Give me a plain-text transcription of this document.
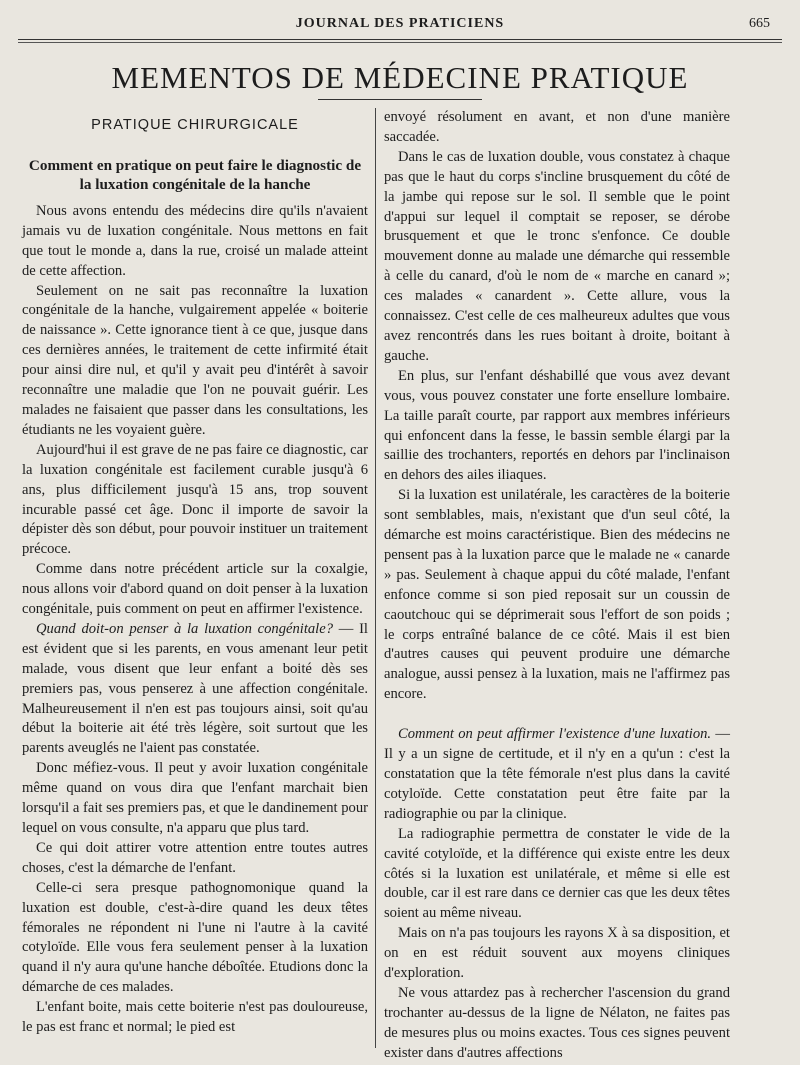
JOURNAL DES PRATICIENS	665
MEMENTOS DE MÉDECINE PRATIQUE
PRATIQUE CHIRURGICALE
Comment en pratique on peut faire le diagnostic de la luxation congénitale de la hanche

Nous avons entendu des médecins dire qu'ils n'avaient jamais vu de luxation congénitale. Nous mettons en fait que tout le monde a, dans la rue, croisé un malade atteint de cette affection.

Seulement on ne sait pas reconnaître la luxation congénitale de la hanche, vulgairement appelée « boiterie de naissance ». Cette ignorance tient à ce que, jusque dans ces dernières années, le traitement de cette infirmité était pour ainsi dire nul, et qu'il y avait peu d'intérêt à savoir reconnaître une maladie que l'on ne pouvait guérir. Les malades ne faisaient que passer dans les consultations, les étudiants ne les voyaient guère.

Aujourd'hui il est grave de ne pas faire ce diagnostic, car la luxation congénitale est facilement curable jusqu'à 6 ans, plus difficilement jusqu'à 15 ans, trop souvent incurable passé cet âge. Donc il importe de savoir la dépister dès son début, pour pouvoir instituer un traitement précoce.

Comme dans notre précédent article sur la coxalgie, nous allons voir d'abord quand on doit penser à la luxation congénitale, puis comment on peut en affirmer l'existence.

Quand doit-on penser à la luxation congénitale? — Il est évident que si les parents, en vous amenant leur petit malade, vous disent que leur enfant a boité dès ses premiers pas, vous penserez à une affection congénitale. Malheureusement il n'en est pas toujours ainsi, soit qu'au début la boiterie ait été très légère, soit surtout que les parents aveuglés ne l'aient pas constatée.

Donc méfiez-vous. Il peut y avoir luxation congénitale même quand on vous dira que l'enfant marchait bien lorsqu'il a fait ses premiers pas, et que le dandinement pour lequel on vous consulte, n'a apparu que plus tard.

Ce qui doit attirer votre attention entre toutes autres choses, c'est la démarche de l'enfant.

Celle-ci sera presque pathognomonique quand la luxation est double, c'est-à-dire quand les deux têtes fémorales ne répondent ni l'une ni l'autre à la cavité cotyloïde. Elle vous fera seulement penser à la luxation quand il n'y aura qu'une hanche déboîtée. Etudions donc la démarche de ces malades.

L'enfant boite, mais cette boiterie n'est pas douloureuse, le pas est franc et normal; le pied est

envoyé résolument en avant, et non d'une manière saccadée.

Dans le cas de luxation double, vous constatez à chaque pas que le haut du corps s'incline brusquement du côté de la jambe qui repose sur le sol. Il semble que le point d'appui sur lequel il comptait se reposer, se dérobe brusquement et que le tronc s'enfonce. Ce double mouvement donne au malade une démarche qui ressemble à celle du canard, d'où le nom de « marche en canard »; ces malades « canardent ». Cette allure, vous la connaissez. C'est celle de ces malheureux adultes que vous avez rencontrés dans les rues boitant à droite, boitant à gauche.

En plus, sur l'enfant déshabillé que vous avez devant vous, vous pouvez constater une forte ensellure lombaire. La taille paraît courte, par rapport aux membres inférieurs qui enfoncent dans la fesse, le bassin semble élargi par la saillie des trochanters, reportés en dehors par l'inclinaison en dehors des ailes iliaques.

Si la luxation est unilatérale, les caractères de la boiterie sont semblables, mais, n'existant que d'un seul côté, la démarche est moins caractéristique. Bien des médecins ne pensent pas à la luxation parce que le malade ne « canarde » pas. Seulement à chaque appui du côté malade, l'enfant enfonce comme si son pied reposait sur un coussin de caoutchouc qui se déprimerait sous l'effort de son poids ; le corps entraîné balance de ce côté. Mais il est bien d'autres causes qui peuvent produire une démarche analogue, aussi pensez à la luxation, mais ne l'affirmez pas encore.

Comment on peut affirmer l'existence d'une luxation. — Il y a un signe de certitude, et il n'y en a qu'un : c'est la constatation que la tête fémorale n'est plus dans la cavité cotyloïde. Cette constatation peut être faite par la radiographie ou par la clinique.

La radiographie permettra de constater le vide de la cavité cotyloïde, et la différence qui existe entre les deux côtés si la luxation est unilatérale, et même si elle est double, car il est rare dans ce dernier cas que les deux têtes soient au même niveau.

Mais on n'a pas toujours les rayons X à sa disposition, et on en est réduit souvent aux moyens cliniques d'exploration.

Ne vous attardez pas à rechercher l'ascension du grand trochanter au-dessus de la ligne de Nélaton, ne faites pas de mesures plus ou moins exactes. Tous ces signes peuvent exister dans d'autres affections
